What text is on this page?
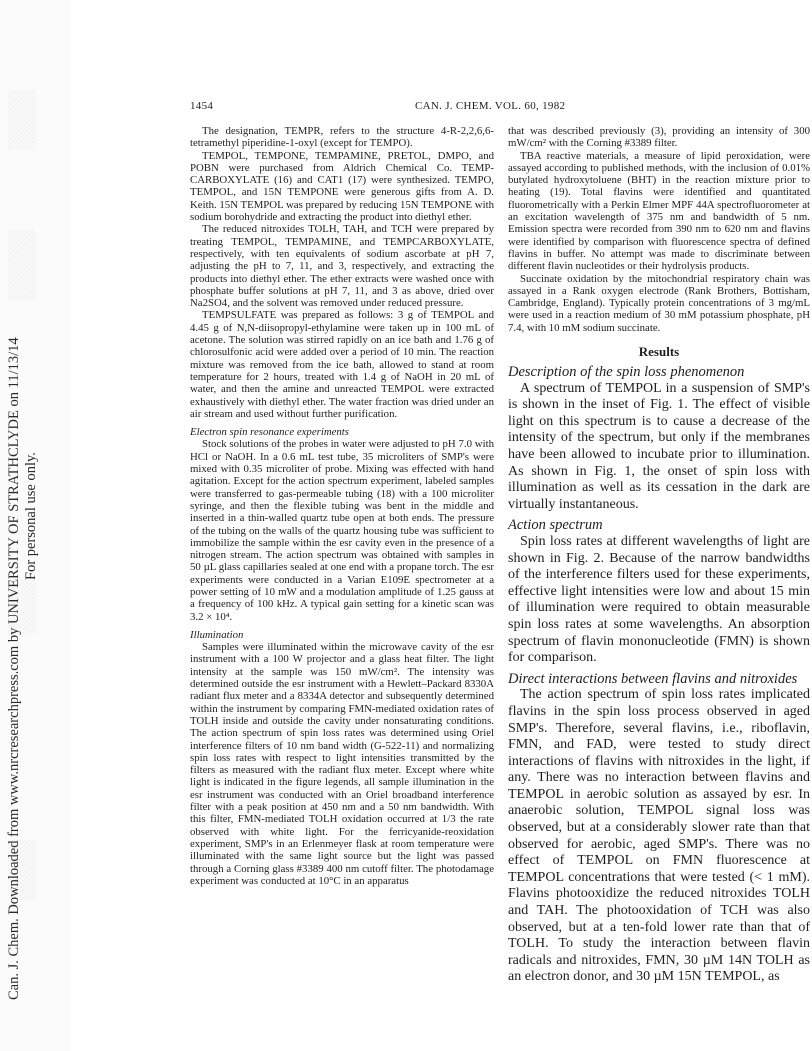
Can. J. Chem. Downloaded from www.nrcresearchpress.com by UNIVERSITY OF STRATHCLYDE on 11/13/14 For personal use only.
1454	CAN. J. CHEM. VOL. 60, 1982

The designation, TEMPR, refers to the structure 4-R-2,2,6,6-tetramethyl piperidine-1-oxyl (except for TEMPO).

TEMPOL, TEMPONE, TEMPAMINE, PRETOL, DMPO, and POBN were purchased from Aldrich Chemical Co. TEMP-CARBOXYLATE (16) and CAT1 (17) were synthesized. TEMPO, TEMPOL, and 15N TEMPONE were generous gifts from A. D. Keith. 15N TEMPOL was prepared by reducing 15N TEMPONE with sodium borohydride and extracting the product into diethyl ether.

The reduced nitroxides TOLH, TAH, and TCH were prepared by treating TEMPOL, TEMPAMINE, and TEMPCARBOXYLATE, respectively, with ten equivalents of sodium ascorbate at pH 7, adjusting the pH to 7, 11, and 3, respectively, and extracting the products into diethyl ether. The ether extracts were washed once with phosphate buffer solutions at pH 7, 11, and 3 as above, dried over Na2SO4, and the solvent was removed under reduced pressure.

TEMPSULFATE was prepared as follows: 3 g of TEMPOL and 4.45 g of N,N-diisopropyl-ethylamine were taken up in 100 mL of acetone. The solution was stirred rapidly on an ice bath and 1.76 g of chlorosulfonic acid were added over a period of 10 min. The reaction mixture was removed from the ice bath, allowed to stand at room temperature for 2 hours, treated with 1.4 g of NaOH in 20 mL of water, and then the amine and unreacted TEMPOL were extracted exhaustively with diethyl ether. The water fraction was dried under an air stream and used without further purification.

Electron spin resonance experiments

Stock solutions of the probes in water were adjusted to pH 7.0 with HCl or NaOH. In a 0.6 mL test tube, 35 microliters of SMP's were mixed with 0.35 microliter of probe. Mixing was effected with hand agitation. Except for the action spectrum experiment, labeled samples were transferred to gas-permeable tubing (18) with a 100 microliter syringe, and then the flexible tubing was bent in the middle and inserted in a thin-walled quartz tube open at both ends. The pressure of the tubing on the walls of the quartz housing tube was sufficient to immobilize the sample within the esr cavity even in the presence of a nitrogen stream. The action spectrum was obtained with samples in 50 µL glass capillaries sealed at one end with a propane torch. The esr experiments were conducted in a Varian E109E spectrometer at a power setting of 10 mW and a modulation amplitude of 1.25 gauss at a frequency of 100 kHz. A typical gain setting for a kinetic scan was 3.2 × 10⁴.

Illumination

Samples were illuminated within the microwave cavity of the esr instrument with a 100 W projector and a glass heat filter. The light intensity at the sample was 150 mW/cm². The intensity was determined outside the esr instrument with a Hewlett–Packard 8330A radiant flux meter and a 8334A detector and subsequently determined within the instrument by comparing FMN-mediated oxidation rates of TOLH inside and outside the cavity under nonsaturating conditions. The action spectrum of spin loss rates was determined using Oriel interference filters of 10 nm band width (G-522-11) and normalizing spin loss rates with respect to light intensities transmitted by the filters as measured with the radiant flux meter. Except where white light is indicated in the figure legends, all sample illumination in the esr instrument was conducted with an Oriel broadband interference filter with a peak position at 450 nm and a 50 nm bandwidth. With this filter, FMN-mediated TOLH oxidation occurred at 1/3 the rate observed with white light. For the ferricyanide-reoxidation experiment, SMP's in an Erlenmeyer flask at room temperature were illuminated with the same light source but the light was passed through a Corning glass #3389 400 nm cutoff filter. The photodamage experiment was conducted at 10°C in an apparatus

that was described previously (3), providing an intensity of 300 mW/cm² with the Corning #3389 filter.

TBA reactive materials, a measure of lipid peroxidation, were assayed according to published methods, with the inclusion of 0.01% butylated hydroxytoluene (BHT) in the reaction mixture prior to heating (19). Total flavins were identified and quantitated fluorometrically with a Perkin Elmer MPF 44A spectrofluorometer at an excitation wavelength of 375 nm and bandwidth of 5 nm. Emission spectra were recorded from 390 nm to 620 nm and flavins were identified by comparison with fluorescence spectra of defined flavins in buffer. No attempt was made to discriminate between different flavin nucleotides or their hydrolysis products.

Succinate oxidation by the mitochondrial respiratory chain was assayed in a Rank oxygen electrode (Rank Brothers, Bottisham, Cambridge, England). Typically protein concentrations of 3 mg/mL were used in a reaction medium of 30 mM potassium phosphate, pH 7.4, with 10 mM sodium succinate.

Results
Description of the spin loss phenomenon

A spectrum of TEMPOL in a suspension of SMP's is shown in the inset of Fig. 1. The effect of visible light on this spectrum is to cause a decrease of the intensity of the spectrum, but only if the membranes have been allowed to incubate prior to illumination. As shown in Fig. 1, the onset of spin loss with illumination as well as its cessation in the dark are virtually instantaneous.

Action spectrum

Spin loss rates at different wavelengths of light are shown in Fig. 2. Because of the narrow bandwidths of the interference filters used for these experiments, effective light intensities were low and about 15 min of illumination were required to obtain measurable spin loss rates at some wavelengths. An absorption spectrum of flavin mononucleotide (FMN) is shown for comparison.

Direct interactions between flavins and nitroxides

The action spectrum of spin loss rates implicated flavins in the spin loss process observed in aged SMP's. Therefore, several flavins, i.e., riboflavin, FMN, and FAD, were tested to study direct interactions of flavins with nitroxides in the light, if any. There was no interaction between flavins and TEMPOL in aerobic solution as assayed by esr. In anaerobic solution, TEMPOL signal loss was observed, but at a considerably slower rate than that observed for aerobic, aged SMP's. There was no effect of TEMPOL on FMN fluorescence at TEMPOL concentrations that were tested (< 1 mM). Flavins photooxidize the reduced nitroxides TOLH and TAH. The photooxidation of TCH was also observed, but at a ten-fold lower rate than that of TOLH. To study the interaction between flavin radicals and nitroxides, FMN, 30 µM 14N TOLH as an electron donor, and 30 µM 15N TEMPOL, as
